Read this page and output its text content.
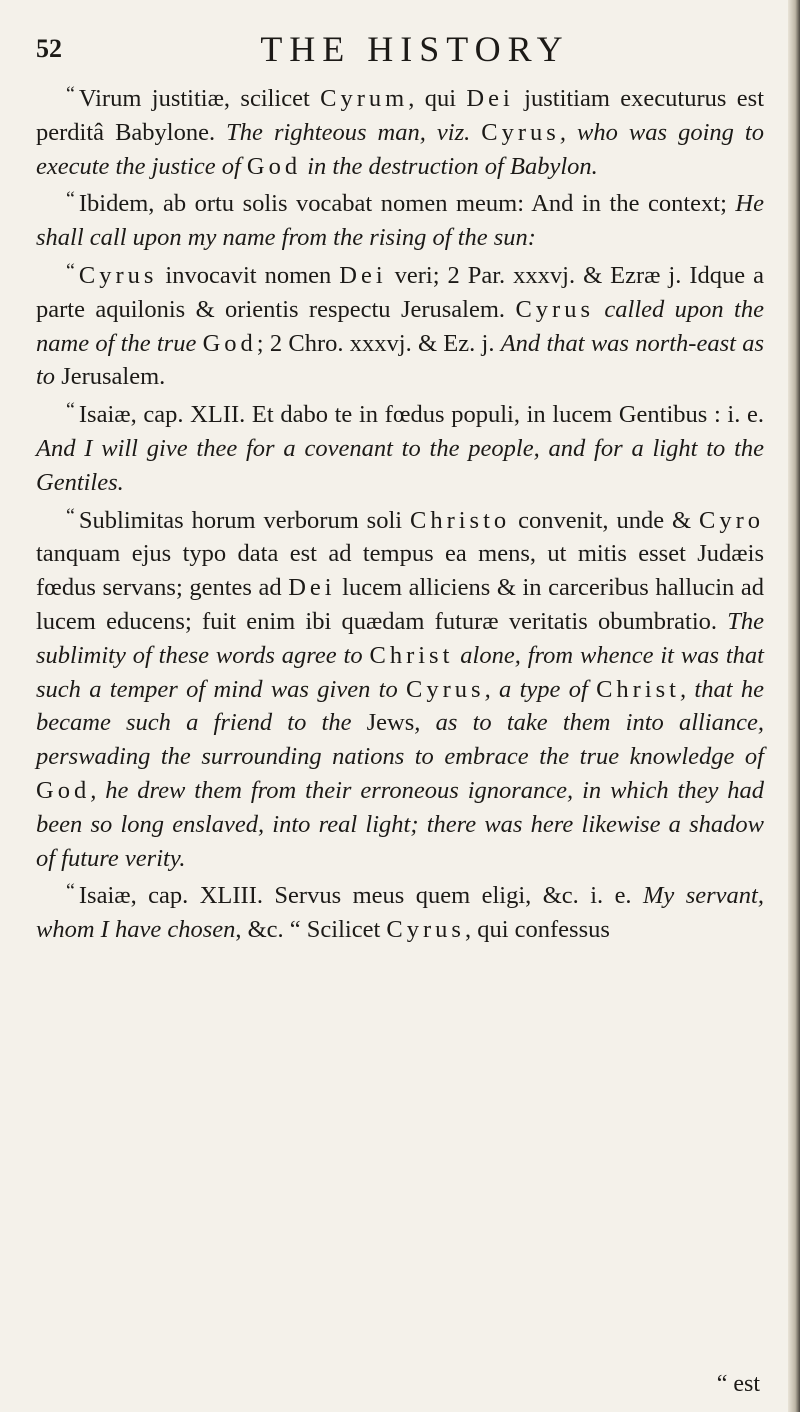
52	THE HISTORY

“ Virum justitiæ, scilicet Cyrum, qui Dei justitiam executurus est perditâ Babylone. The righteous man, viz. Cyrus, who was going to execute the justice of God in the destruction of Babylon.

“ Ibidem, ab ortu solis vocabat nomen meum: And in the context; He shall call upon my name from the rising of the sun:

“ Cyrus invocavit nomen Dei veri; 2 Par. xxxvj. & Ezræ j. Idque a parte aquilonis & orientis respectu Jerusalem. Cyrus called upon the name of the true God; 2 Chro. xxxvj. & Ez. j. And that was north-east as to Jerusalem.

“ Isaiæ, cap. XLII. Et dabo te in fœdus populi, in lucem Gentibus : i. e. And I will give thee for a covenant to the people, and for a light to the Gentiles.

“ Sublimitas horum verborum soli Christo convenit, unde & Cyro tanquam ejus typo data est ad tempus ea mens, ut mitis esset Judæis fœdus servans; gentes ad Dei lucem alliciens & in carceribus hallucin ad lucem educens; fuit enim ibi quædam futuræ veritatis obumbratio. The sublimity of these words agree to Christ alone, from whence it was that such a temper of mind was given to Cyrus, a type of Christ, that he became such a friend to the Jews, as to take them into alliance, perswading the surrounding nations to embrace the true knowledge of God, he drew them from their erroneous ignorance, in which they had been so long enslaved, into real light; there was here likewise a shadow of future verity.

“ Isaiæ, cap. XLIII. Servus meus quem eligi, &c. i. e. My servant, whom I have chosen, &c. “ Scilicet Cyrus, qui confessus

“ est
